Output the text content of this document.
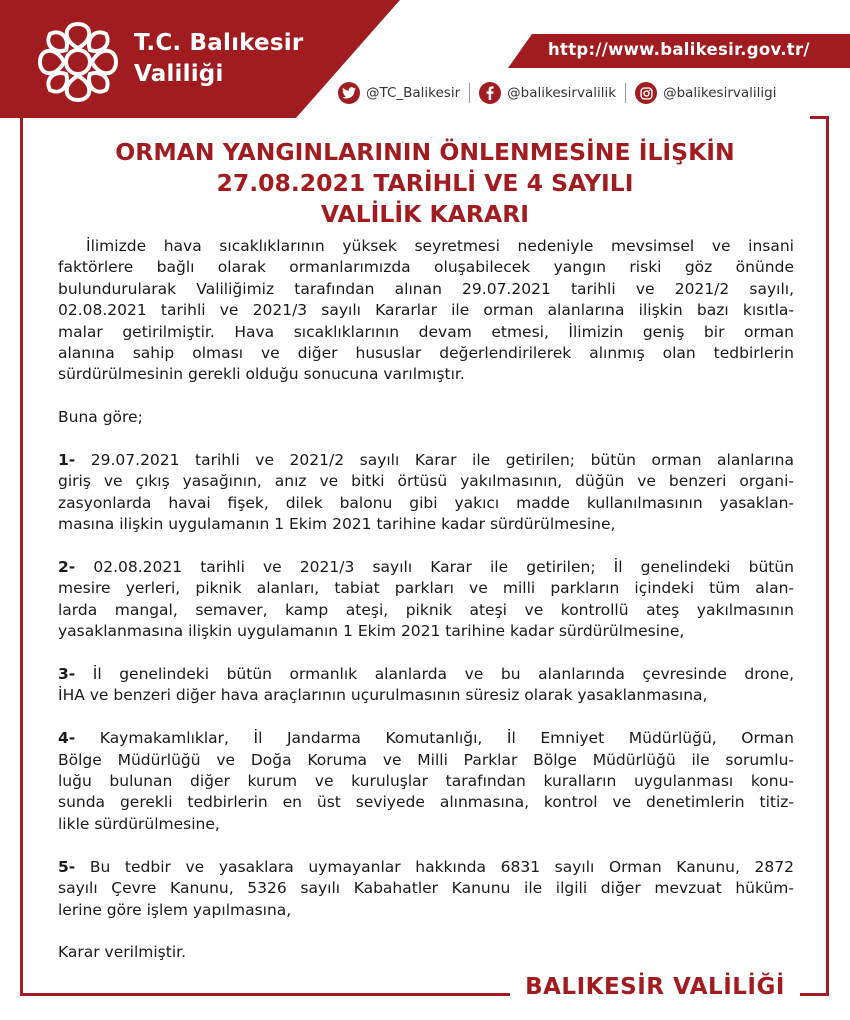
T.C. Balıkesir
Valiliği
http://www.balikesir.gov.tr/
@TC_Balikesir	@balikesirvalilik	@balikesirvaliligi
ORMAN YANGINLARININ ÖNLENMESİNE İLİŞKİN
27.08.2021 TARİHLİ VE 4 SAYILI
VALİLİK KARARI

İlimizde hava sıcaklıklarının yüksek seyretmesi nedeniyle mevsimsel ve insani
faktörlere bağlı olarak ormanlarımızda oluşabilecek yangın riski göz önünde
bulundurularak Valiliğimiz tarafından alınan 29.07.2021 tarihli ve 2021/2 sayılı,
02.08.2021 tarihli ve 2021/3 sayılı Kararlar ile orman alanlarına ilişkin bazı kısıtla-
malar getirilmiştir. Hava sıcaklıklarının devam etmesi, İlimizin geniş bir orman
alanına sahip olması ve diğer hususlar değerlendirilerek alınmış olan tedbirlerin
sürdürülmesinin gerekli olduğu sonucuna varılmıştır.

Buna göre;

1- 29.07.2021 tarihli ve 2021/2 sayılı Karar ile getirilen; bütün orman alanlarına
giriş ve çıkış yasağının, anız ve bitki örtüsü yakılmasının, düğün ve benzeri organi-
zasyonlarda havai fişek, dilek balonu gibi yakıcı madde kullanılmasının yasaklan-
masına ilişkin uygulamanın 1 Ekim 2021 tarihine kadar sürdürülmesine,

2- 02.08.2021 tarihli ve 2021/3 sayılı Karar ile getirilen; İl genelindeki bütün
mesire yerleri, piknik alanları, tabiat parkları ve milli parkların içindeki tüm alan-
larda mangal, semaver, kamp ateşi, piknik ateşi ve kontrollü ateş yakılmasının
yasaklanmasına ilişkin uygulamanın 1 Ekim 2021 tarihine kadar sürdürülmesine,

3- İl genelindeki bütün ormanlık alanlarda ve bu alanlarında çevresinde drone,
İHA ve benzeri diğer hava araçlarının uçurulmasının süresiz olarak yasaklanmasına,

4- Kaymakamlıklar, İl Jandarma Komutanlığı, İl Emniyet Müdürlüğü, Orman
Bölge Müdürlüğü ve Doğa Koruma ve Milli Parklar Bölge Müdürlüğü ile sorumlu-
luğu bulunan diğer kurum ve kuruluşlar tarafından kuralların uygulanması konu-
sunda gerekli tedbirlerin en üst seviyede alınmasına, kontrol ve denetimlerin titiz-
likle sürdürülmesine,

5- Bu tedbir ve yasaklara uymayanlar hakkında 6831 sayılı Orman Kanunu, 2872
sayılı Çevre Kanunu, 5326 sayılı Kabahatler Kanunu ile ilgili diğer mevzuat hüküm-
lerine göre işlem yapılmasına,

Karar verilmiştir.

BALIKESİR VALİLİĞİ
